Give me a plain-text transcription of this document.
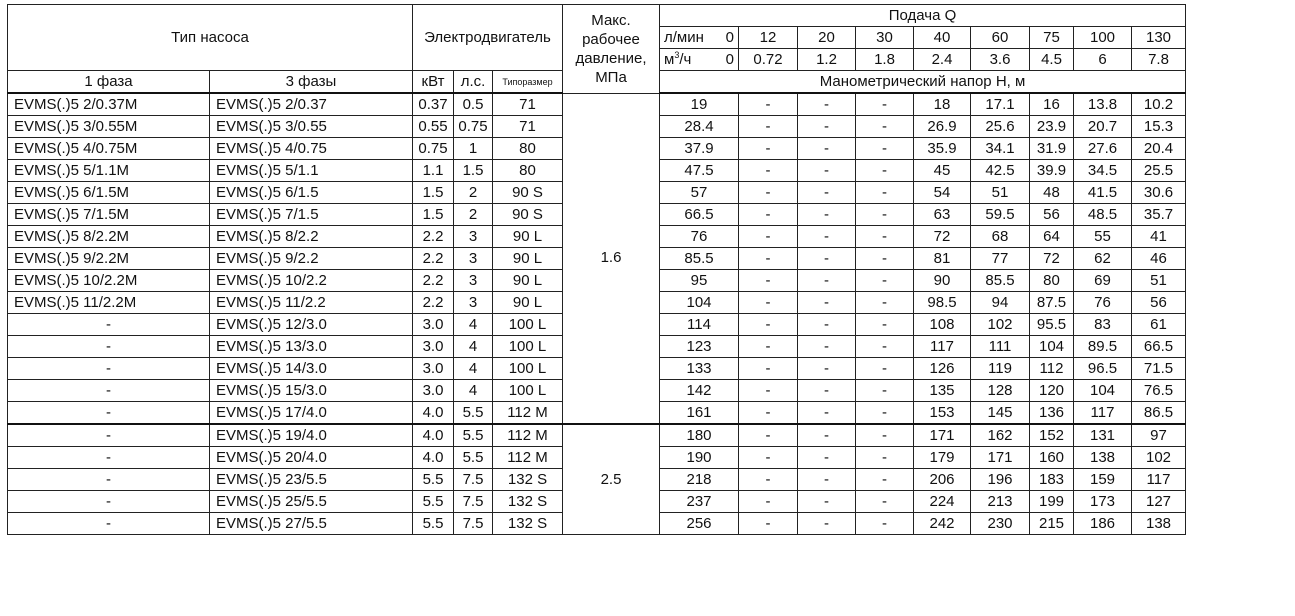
Тип насоса		Электродвигатель			Макс.
рабочее
давление,
МПа	Подача Q								

						л/мин 0	12	20	30	40	60	75	100	130

						$м^3/ч$ 0	0.72	1.2	1.8	2.4	3.6	4.5	6	7.8
1 фаза	3 фазы	кВт	л.с.	Типоразмер		Манометрический напор H, м								
EVMS(.)5 2/0.37M	EVMS(.)5 2/0.37	0.37	0.5	71	1.6	19	-	-	-	18	17.1	16	13.8	10.2
EVMS(.)5 3/0.55M	EVMS(.)5 3/0.55	0.55	0.75	71		28.4	-	-	-	26.9	25.6	23.9	20.7	15.3
EVMS(.)5 4/0.75M	EVMS(.)5 4/0.75	0.75	1	80		37.9	-	-	-	35.9	34.1	31.9	27.6	20.4
EVMS(.)5 5/1.1M	EVMS(.)5 5/1.1	1.1	1.5	80		47.5	-	-	-	45	42.5	39.9	34.5	25.5
EVMS(.)5 6/1.5M	EVMS(.)5 6/1.5	1.5	2	90 S		57	-	-	-	54	51	48	41.5	30.6
EVMS(.)5 7/1.5M	EVMS(.)5 7/1.5	1.5	2	90 S		66.5	-	-	-	63	59.5	56	48.5	35.7
EVMS(.)5 8/2.2M	EVMS(.)5 8/2.2	2.2	3	90 L		76	-	-	-	72	68	64	55	41
EVMS(.)5 9/2.2M	EVMS(.)5 9/2.2	2.2	3	90 L		85.5	-	-	-	81	77	72	62	46
EVMS(.)5 10/2.2M	EVMS(.)5 10/2.2	2.2	3	90 L		95	-	-	-	90	85.5	80	69	51
EVMS(.)5 11/2.2M	EVMS(.)5 11/2.2	2.2	3	90 L		104	-	-	-	98.5	94	87.5	76	56
-	EVMS(.)5 12/3.0	3.0	4	100 L		114	-	-	-	108	102	95.5	83	61
-	EVMS(.)5 13/3.0	3.0	4	100 L		123	-	-	-	117	111	104	89.5	66.5
-	EVMS(.)5 14/3.0	3.0	4	100 L		133	-	-	-	126	119	112	96.5	71.5
-	EVMS(.)5 15/3.0	3.0	4	100 L		142	-	-	-	135	128	120	104	76.5
-	EVMS(.)5 17/4.0	4.0	5.5	112 M		161	-	-	-	153	145	136	117	86.5
-	EVMS(.)5 19/4.0	4.0	5.5	112 M	2.5	180	-	-	-	171	162	152	131	97
-	EVMS(.)5 20/4.0	4.0	5.5	112 M		190	-	-	-	179	171	160	138	102
-	EVMS(.)5 23/5.5	5.5	7.5	132 S		218	-	-	-	206	196	183	159	117
-	EVMS(.)5 25/5.5	5.5	7.5	132 S		237	-	-	-	224	213	199	173	127
-	EVMS(.)5 27/5.5	5.5	7.5	132 S		256	-	-	-	242	230	215	186	138
